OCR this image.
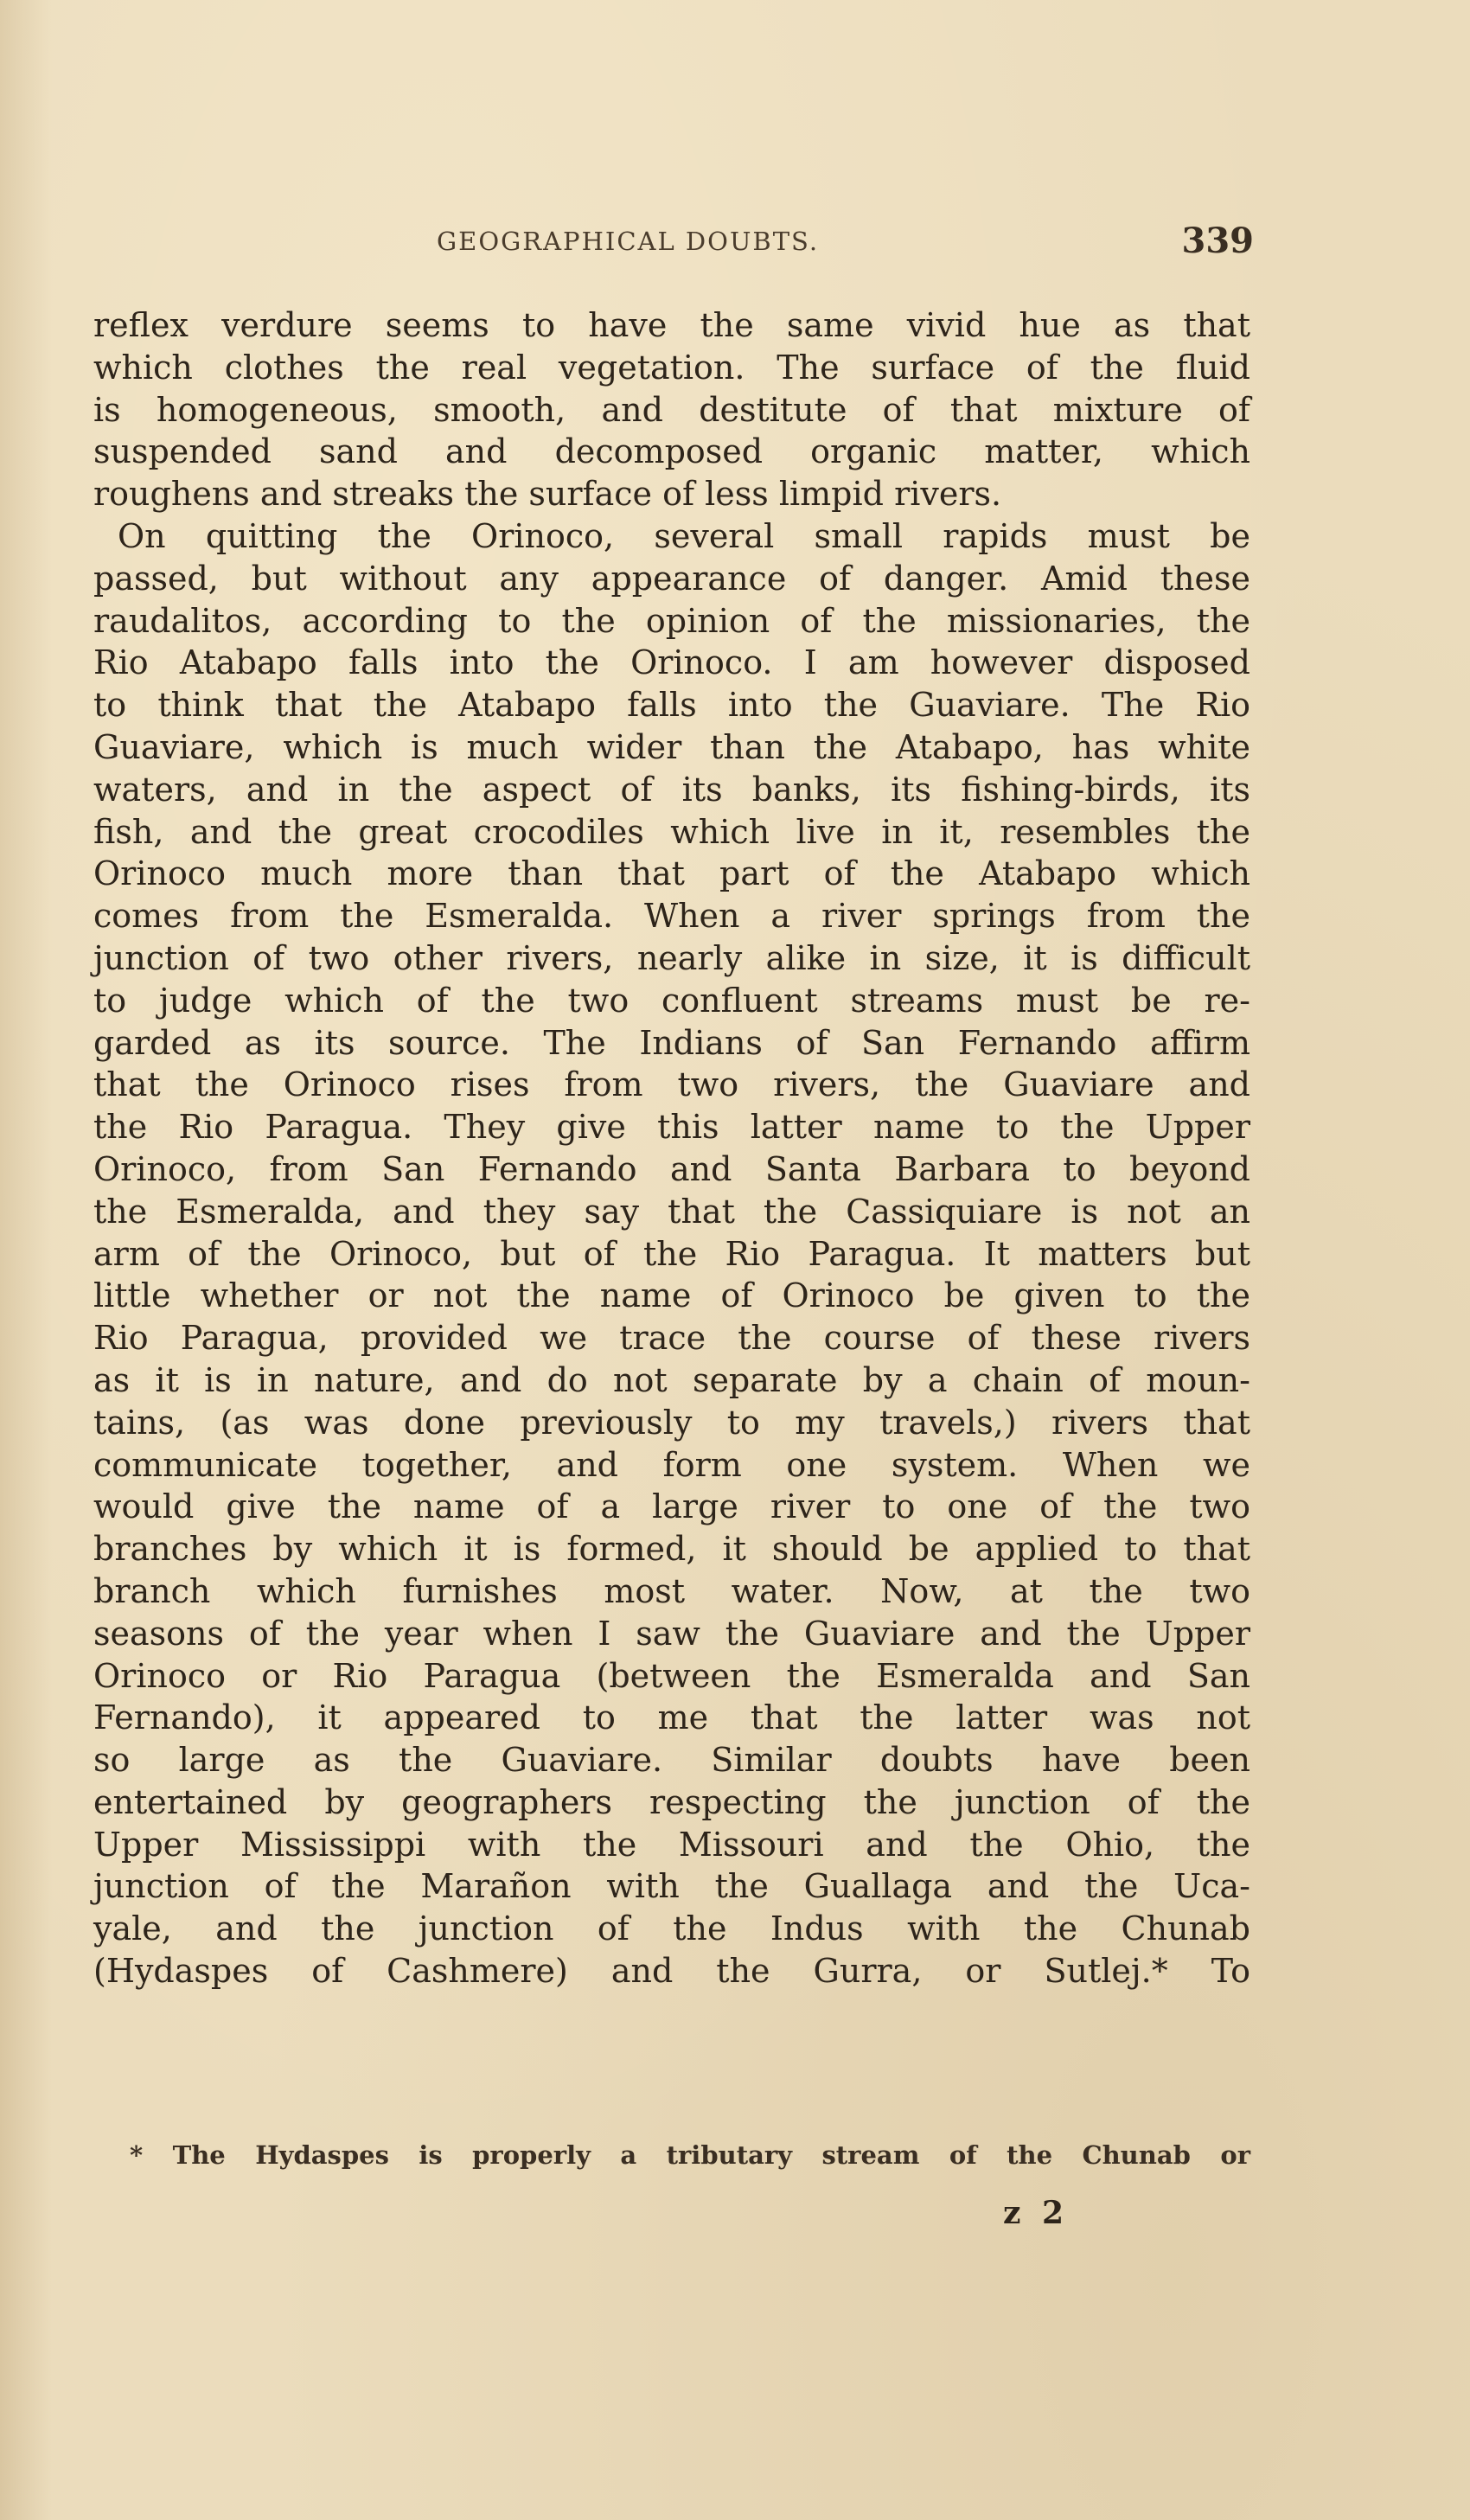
GEOGRAPHICAL DOUBTS.	339
reflex verdure seems to have the same vivid hue as that
which clothes the real vegetation. The surface of the fluid
is homogeneous, smooth, and destitute of that mixture of
suspended sand and decomposed organic matter, which
roughens and streaks the surface of less limpid rivers.
On quitting the Orinoco, several small rapids must be
passed, but without any appearance of danger. Amid these
raudalitos, according to the opinion of the missionaries, the
Rio Atabapo falls into the Orinoco. I am however disposed
to think that the Atabapo falls into the Guaviare. The Rio
Guaviare, which is much wider than the Atabapo, has white
waters, and in the aspect of its banks, its fishing-birds, its
fish, and the great crocodiles which live in it, resembles the
Orinoco much more than that part of the Atabapo which
comes from the Esmeralda. When a river springs from the
junction of two other rivers, nearly alike in size, it is difficult
to judge which of the two confluent streams must be re-
garded as its source. The Indians of San Fernando affirm
that the Orinoco rises from two rivers, the Guaviare and
the Rio Paragua. They give this latter name to the Upper
Orinoco, from San Fernando and Santa Barbara to beyond
the Esmeralda, and they say that the Cassiquiare is not an
arm of the Orinoco, but of the Rio Paragua. It matters but
little whether or not the name of Orinoco be given to the
Rio Paragua, provided we trace the course of these rivers
as it is in nature, and do not separate by a chain of moun-
tains, (as was done previously to my travels,) rivers that
communicate together, and form one system. When we
would give the name of a large river to one of the two
branches by which it is formed, it should be applied to that
branch which furnishes most water. Now, at the two
seasons of the year when I saw the Guaviare and the Upper
Orinoco or Rio Paragua (between the Esmeralda and San
Fernando), it appeared to me that the latter was not
so large as the Guaviare. Similar doubts have been
entertained by geographers respecting the junction of the
Upper Mississippi with the Missouri and the Ohio, the
junction of the Marañon with the Guallaga and the Uca-
yale, and the junction of the Indus with the Chunab
(Hydaspes of Cashmere) and the Gurra, or Sutlej.* To
* The Hydaspes is properly a tributary stream of the Chunab or
z 2
